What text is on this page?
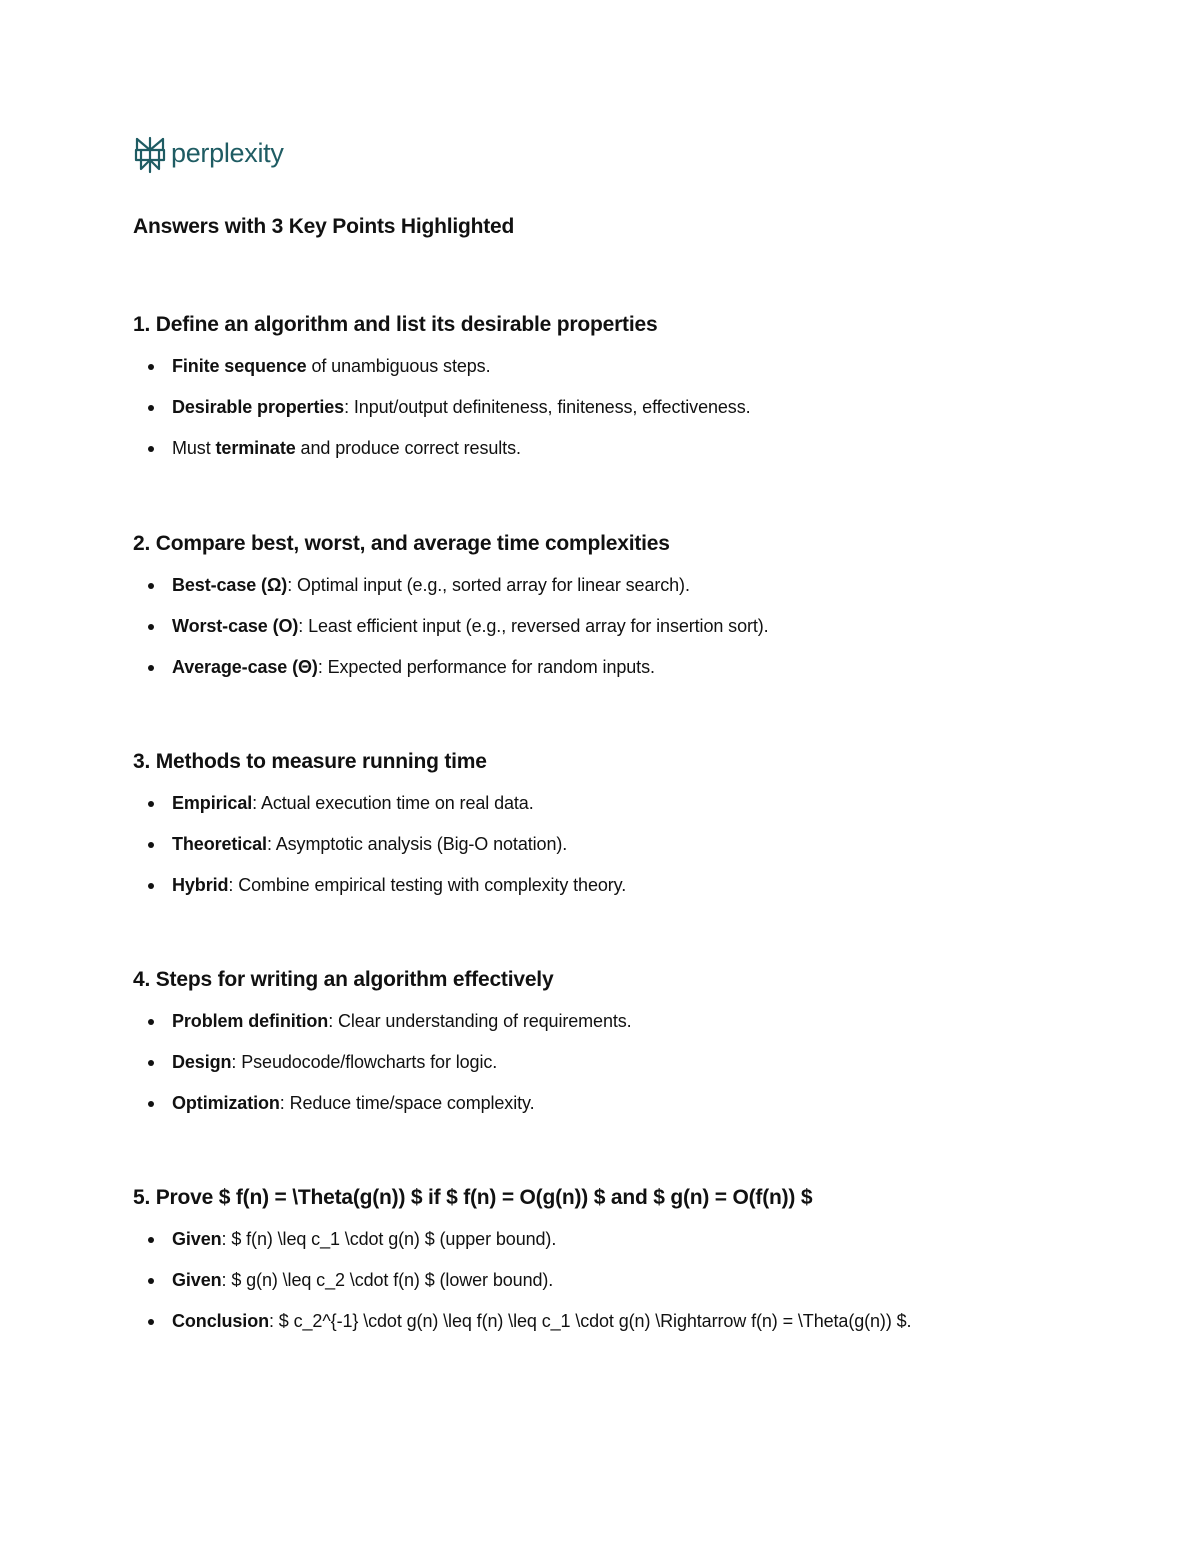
perplexity
Answers with 3 Key Points Highlighted
1. Define an algorithm and list its desirable properties
Finite sequence of unambiguous steps.
Desirable properties: Input/output definiteness, finiteness, effectiveness.
Must terminate and produce correct results.
2. Compare best, worst, and average time complexities
Best-case (Ω): Optimal input (e.g., sorted array for linear search).
Worst-case (O): Least efficient input (e.g., reversed array for insertion sort).
Average-case (Θ): Expected performance for random inputs.
3. Methods to measure running time
Empirical: Actual execution time on real data.
Theoretical: Asymptotic analysis (Big-O notation).
Hybrid: Combine empirical testing with complexity theory.
4. Steps for writing an algorithm effectively
Problem definition: Clear understanding of requirements.
Design: Pseudocode/flowcharts for logic.
Optimization: Reduce time/space complexity.
5. Prove $ f(n) = \Theta(g(n)) $ if $ f(n) = O(g(n)) $ and $ g(n) = O(f(n)) $
Given: $ f(n) \leq c_1 \cdot g(n) $ (upper bound).
Given: $ g(n) \leq c_2 \cdot f(n) $ (lower bound).
Conclusion: $ c_2^{-1} \cdot g(n) \leq f(n) \leq c_1 \cdot g(n) \Rightarrow f(n) = \Theta(g(n)) $.
